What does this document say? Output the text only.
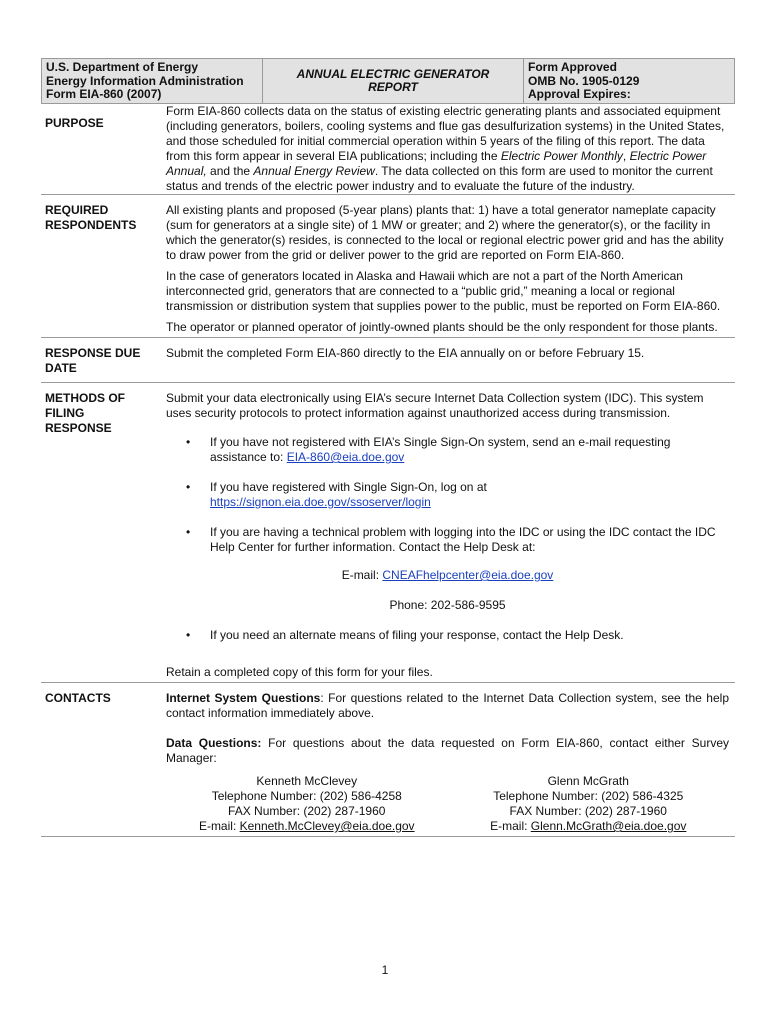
U.S. Department of Energy
Energy Information Administration
Form EIA-860 (2007)
ANNUAL ELECTRIC GENERATOR REPORT
Form Approved
OMB No. 1905-0129
Approval Expires:
PURPOSE

Form EIA-860 collects data on the status of existing electric generating plants and associated equipment (including generators, boilers, cooling systems and flue gas desulfurization systems) in the United States, and those scheduled for initial commercial operation within 5 years of the filing of this report. The data from this form appear in several EIA publications; including the Electric Power Monthly, Electric Power Annual, and the Annual Energy Review. The data collected on this form are used to monitor the current status and trends of the electric power industry and to evaluate the future of the industry.

REQUIRED
RESPONDENTS

All existing plants and proposed (5-year plans) plants that: 1) have a total generator nameplate capacity (sum for generators at a single site) of 1 MW or greater; and 2) where the generator(s), or the facility in which the generator(s) resides, is connected to the local or regional electric power grid and has the ability to draw power from the grid or deliver power to the grid are reported on Form EIA-860.

In the case of generators located in Alaska and Hawaii which are not a part of the North American interconnected grid, generators that are connected to a “public grid,” meaning a local or regional transmission or distribution system that supplies power to the public, must be reported on Form EIA-860.

The operator or planned operator of jointly-owned plants should be the only respondent for those plants.

RESPONSE DUE
DATE

Submit the completed Form EIA-860 directly to the EIA annually on or before February 15.

METHODS OF
FILING
RESPONSE

Submit your data electronically using EIA’s secure Internet Data Collection system (IDC). This system uses security protocols to protect information against unauthorized access during transmission.

• If you have not registered with EIA’s Single Sign-On system, send an e-mail requesting assistance to: EIA-860@eia.doe.gov
• If you have registered with Single Sign-On, log on at
https://signon.eia.doe.gov/ssoserver/login
• If you are having a technical problem with logging into the IDC or using the IDC contact the IDC Help Center for further information. Contact the Help Desk at:

E-mail: CNEAFhelpcenter@eia.doe.gov

Phone: 202-586-9595

• If you need an alternate means of filing your response, contact the Help Desk.

Retain a completed copy of this form for your files.

CONTACTS	Internet System Questions: For questions related to the Internet Data Collection system, see the help contact information immediately above.

Data Questions: For questions about the data requested on Form EIA-860, contact either Survey Manager:

Kenneth McClevey
Telephone Number: (202) 586-4258
FAX Number: (202) 287-1960
E-mail: Kenneth.McClevey@eia.doe.gov
Glenn McGrath
Telephone Number: (202) 586-4325
FAX Number: (202) 287-1960
E-mail: Glenn.McGrath@eia.doe.gov
1
